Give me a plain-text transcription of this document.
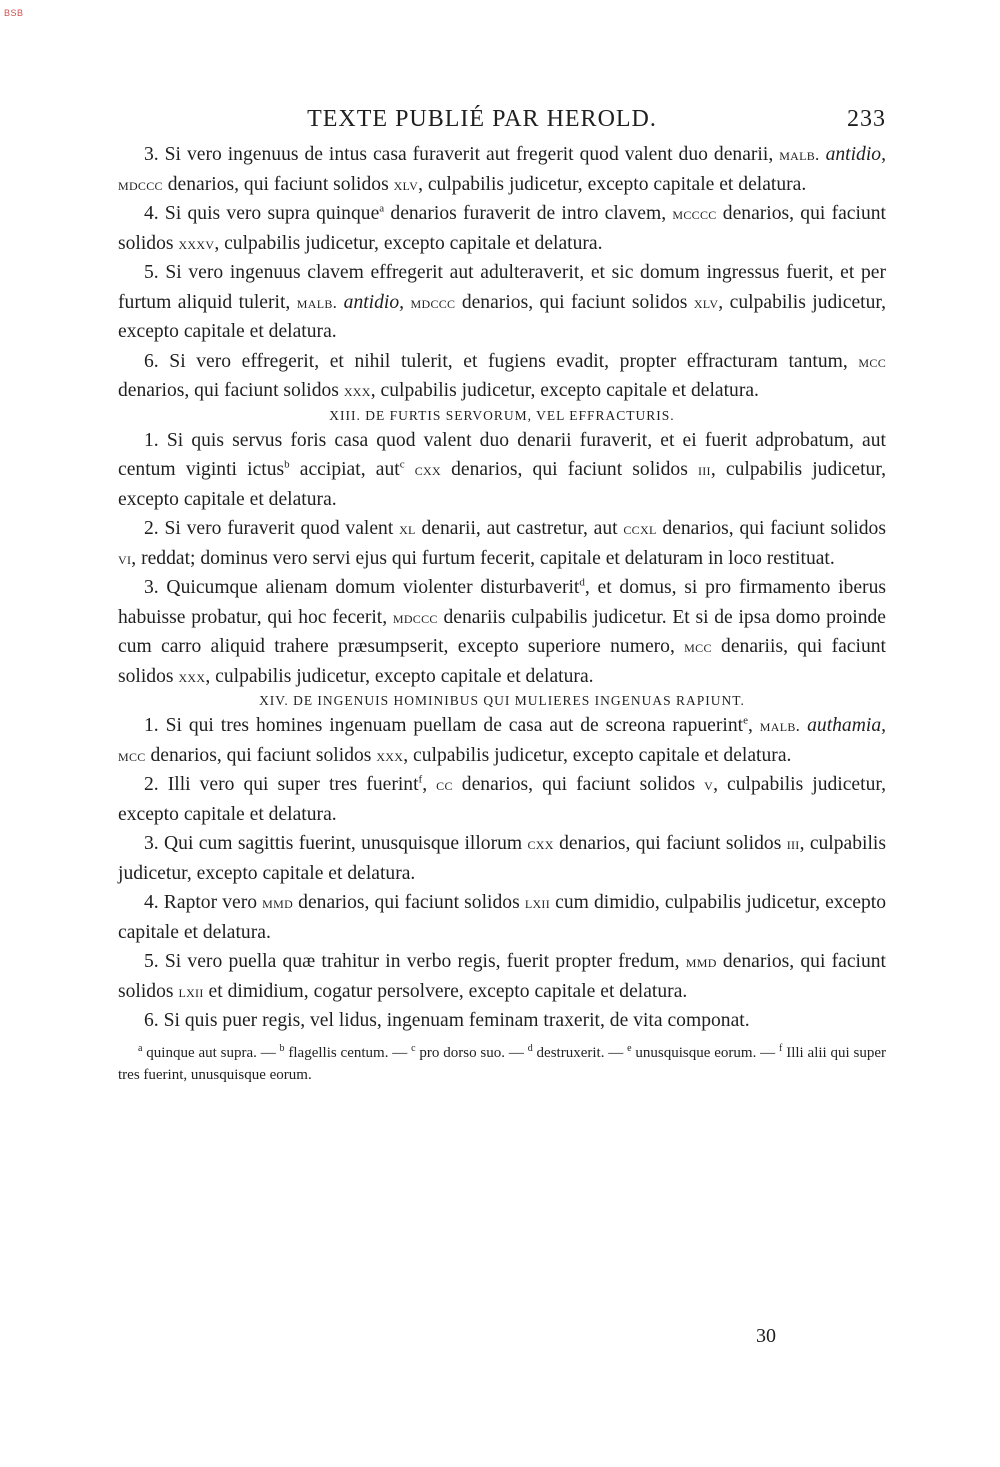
BSB
TEXTE PUBLIÉ PAR HEROLD.	233

3. Si vero ingenuus de intus casa furaverit aut fregerit quod valent duo denarii, malb. antidio, mdccc denarios, qui faciunt solidos xlv, culpabilis judicetur, excepto capitale et delatura.

4. Si quis vero supra quinque$^a$ denarios furaverit de intro clavem, mcccc denarios, qui faciunt solidos xxxv, culpabilis judicetur, excepto capitale et delatura.

5. Si vero ingenuus clavem effregerit aut adulteraverit, et sic domum ingressus fuerit, et per furtum aliquid tulerit, malb. antidio, mdccc denarios, qui faciunt solidos xlv, culpabilis judicetur, excepto capitale et delatura.

6. Si vero effregerit, et nihil tulerit, et fugiens evadit, propter effracturam tantum, mcc denarios, qui faciunt solidos xxx, culpabilis judicetur, excepto capitale et delatura.

XIII. DE FURTIS SERVORUM, VEL EFFRACTURIS.

1. Si quis servus foris casa quod valent duo denarii furaverit, et ei fuerit adprobatum, aut centum viginti ictus$^b$ accipiat, aut$^c$ cxx denarios, qui faciunt solidos iii, culpabilis judicetur, excepto capitale et delatura.

2. Si vero furaverit quod valent xl denarii, aut castretur, aut ccxl denarios, qui faciunt solidos vi, reddat; dominus vero servi ejus qui furtum fecerit, capitale et delaturam in loco restituat.

3. Quicumque alienam domum violenter disturbaverit$^d$, et domus, si pro firmamento iberus habuisse probatur, qui hoc fecerit, mdccc denariis culpabilis judicetur. Et si de ipsa domo proinde cum carro aliquid trahere præsumpserit, excepto superiore numero, mcc denariis, qui faciunt solidos xxx, culpabilis judicetur, excepto capitale et delatura.

XIV. DE INGENUIS HOMINIBUS QUI MULIERES INGENUAS RAPIUNT.

1. Si qui tres homines ingenuam puellam de casa aut de screona rapuerint$^e$, malb. authamia, mcc denarios, qui faciunt solidos xxx, culpabilis judicetur, excepto capitale et delatura.

2. Illi vero qui super tres fuerint$^f$, cc denarios, qui faciunt solidos v, culpabilis judicetur, excepto capitale et delatura.

3. Qui cum sagittis fuerint, unusquisque illorum cxx denarios, qui faciunt solidos iii, culpabilis judicetur, excepto capitale et delatura.

4. Raptor vero mmd denarios, qui faciunt solidos lxii cum dimidio, culpabilis judicetur, excepto capitale et delatura.

5. Si vero puella quæ trahitur in verbo regis, fuerit propter fredum, mmd denarios, qui faciunt solidos lxii et dimidium, cogatur persolvere, excepto capitale et delatura.

6. Si quis puer regis, vel lidus, ingenuam feminam traxerit, de vita componat.

$^a$ quinque aut supra. — $^b$ flagellis centum. — $^c$ pro dorso suo. — $^d$ destruxerit. — $^e$ unusquisque eorum. — $^f$ Illi alii qui super tres fuerint, unusquisque eorum.
30
